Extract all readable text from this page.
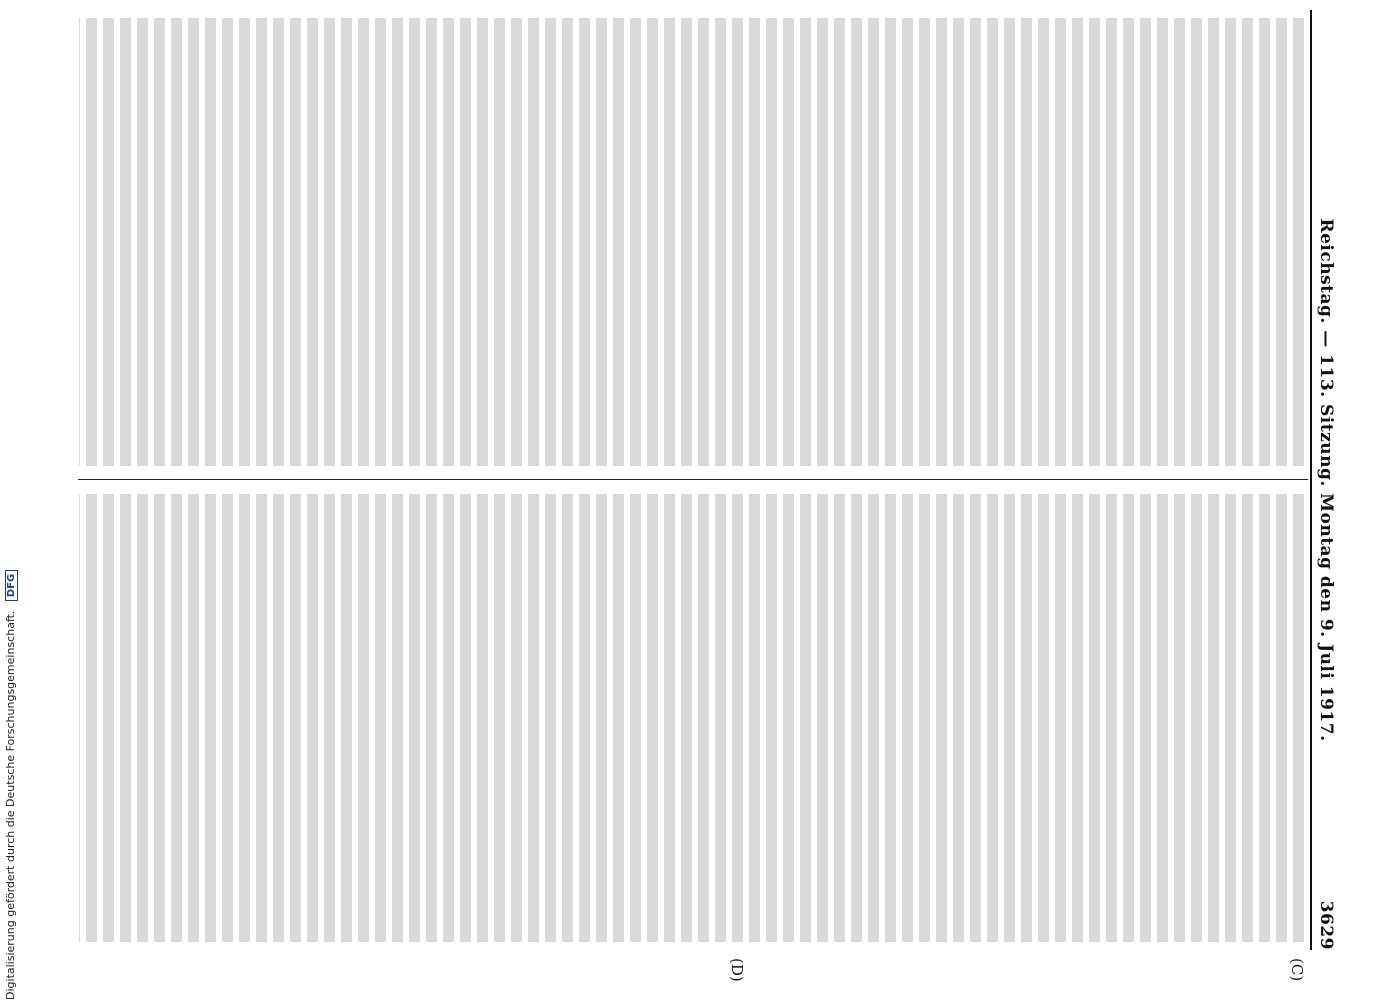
Reichstag. — 113. Sitzung. Montag den 9. Juli 1917.
3629
(C)
(D)
Digitalisierung gefördert durch die Deutsche Forschungsgemeinschaft. DFG
